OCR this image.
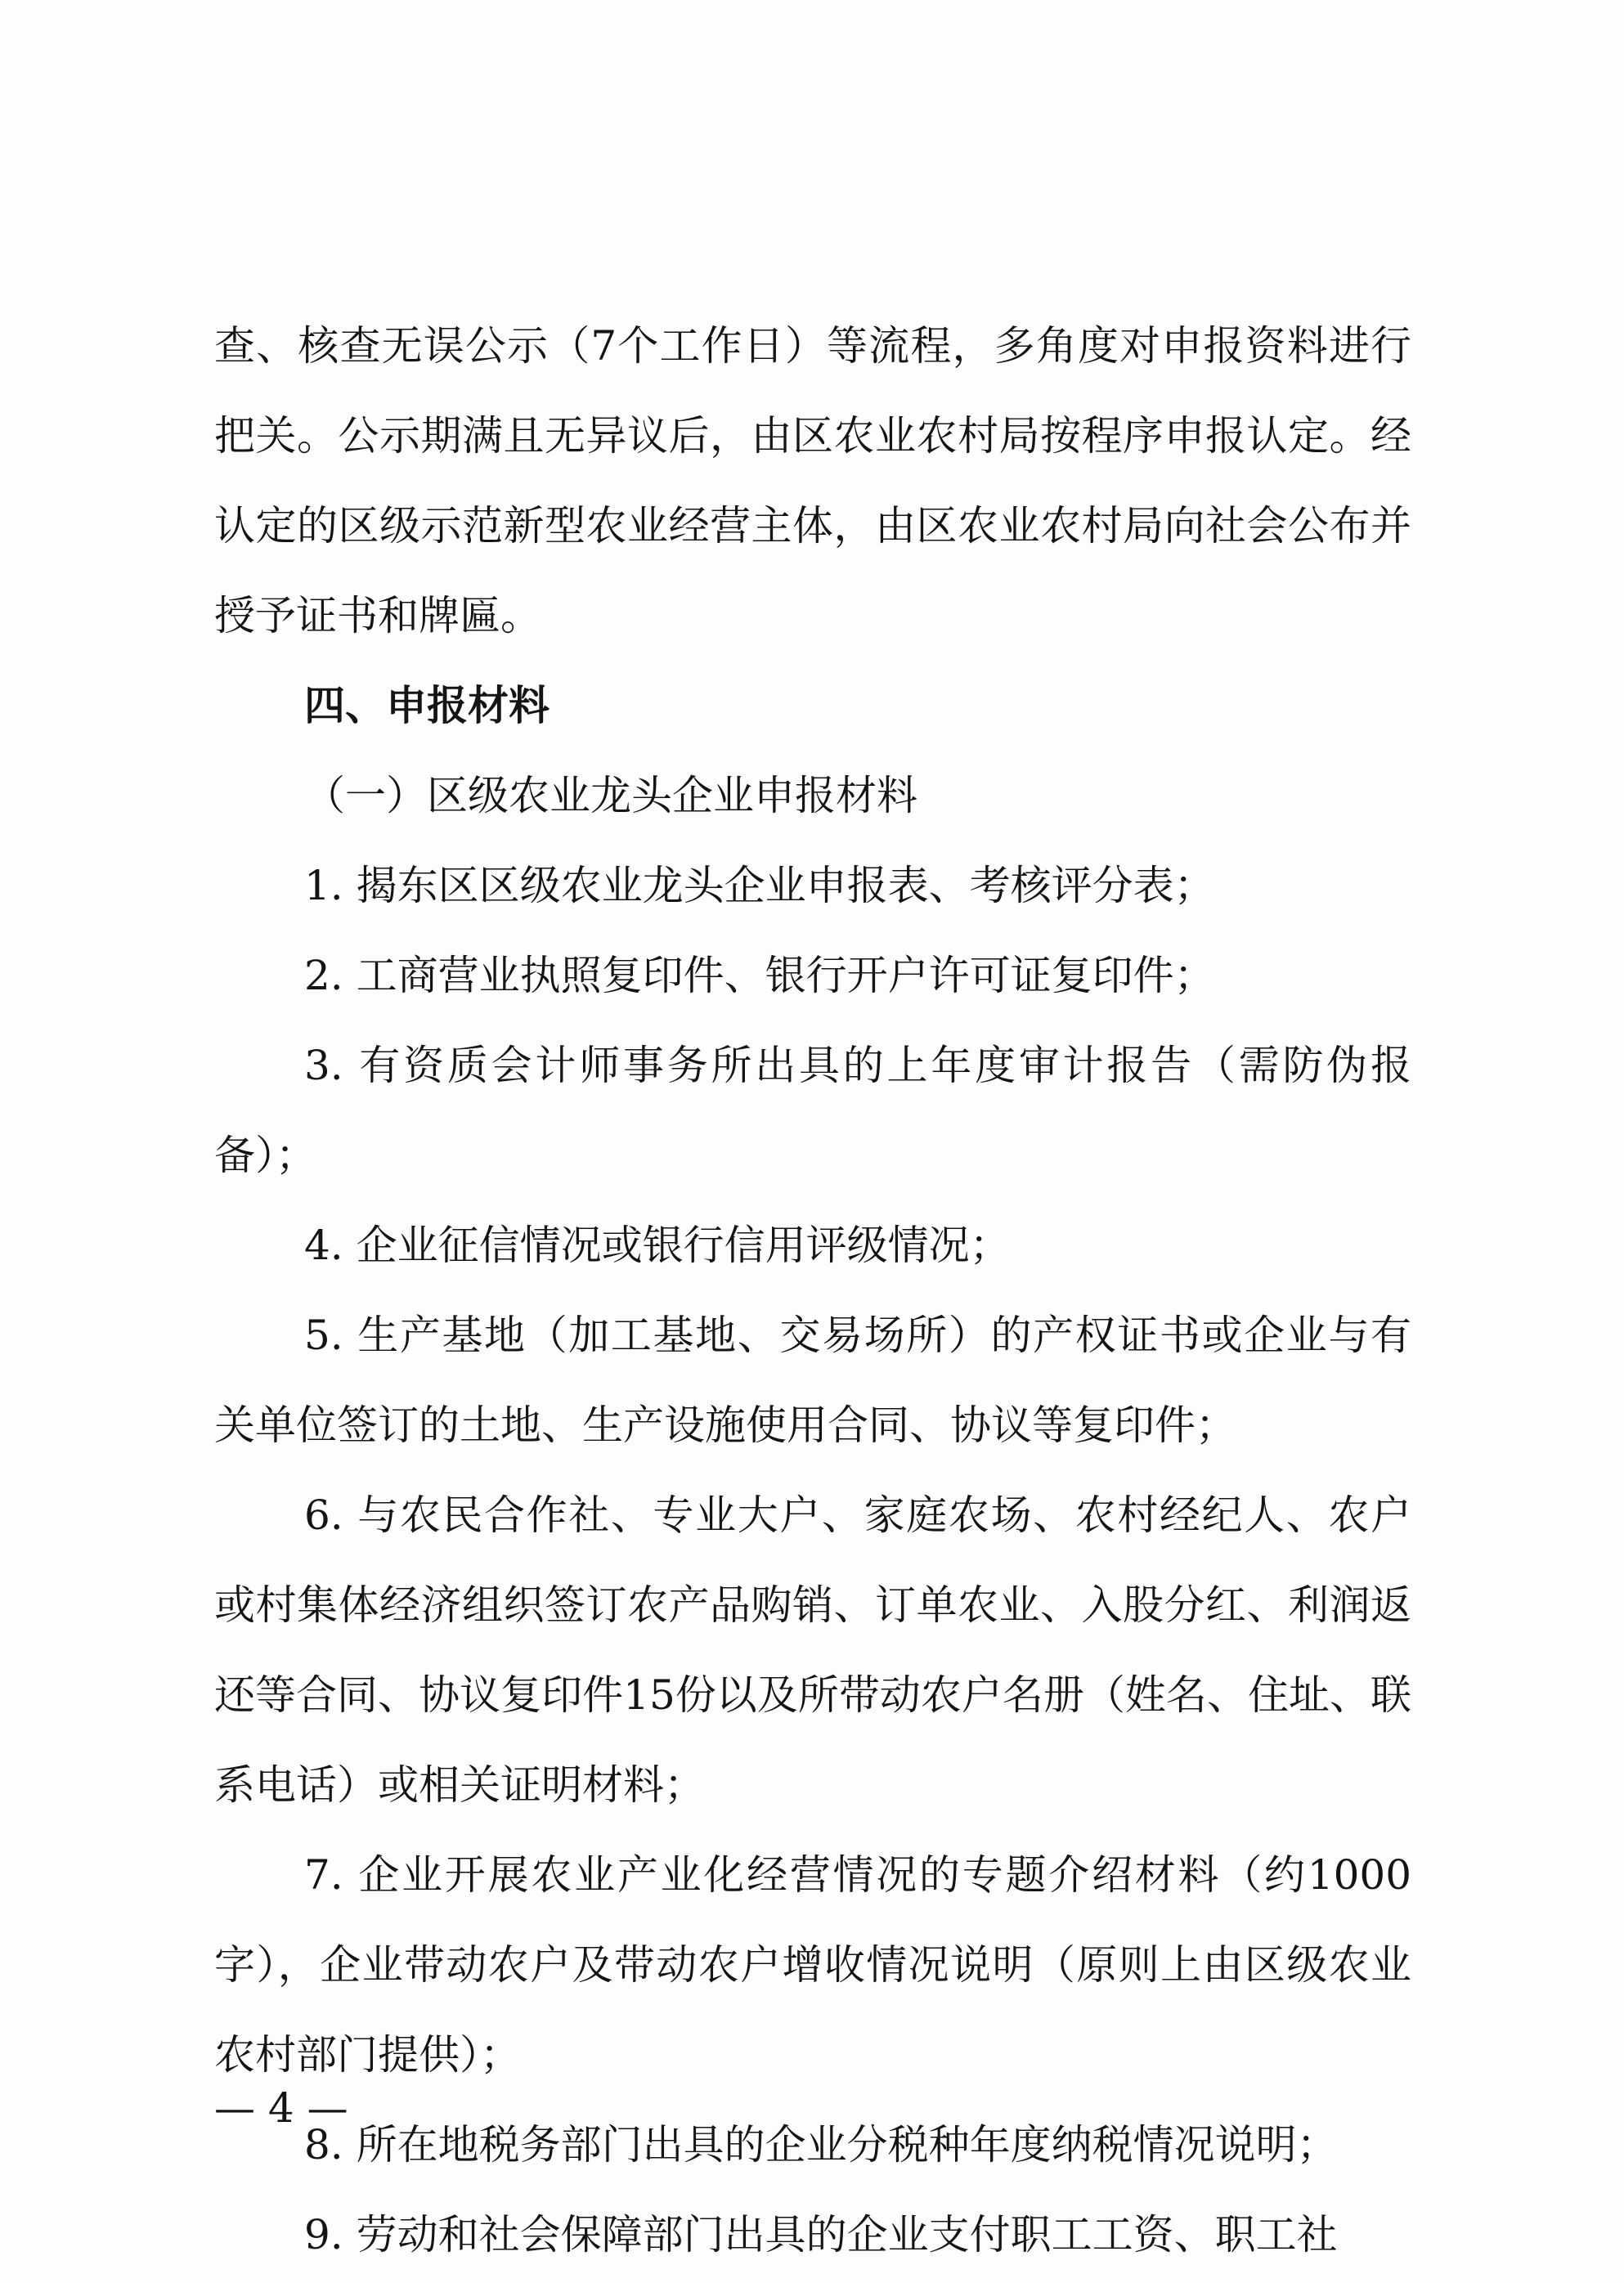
查、核查无误公示（7个工作日）等流程，多角度对申报资料进行把关。公示期满且无异议后，由区农业农村局按程序申报认定。经认定的区级示范新型农业经营主体，由区农业农村局向社会公布并授予证书和牌匾。

四、申报材料

（一）区级农业龙头企业申报材料

1. 揭东区区级农业龙头企业申报表、考核评分表；

2. 工商营业执照复印件、银行开户许可证复印件；

3. 有资质会计师事务所出具的上年度审计报告（需防伪报备）；

4. 企业征信情况或银行信用评级情况；

5. 生产基地（加工基地、交易场所）的产权证书或企业与有关单位签订的土地、生产设施使用合同、协议等复印件；

6. 与农民合作社、专业大户、家庭农场、农村经纪人、农户或村集体经济组织签订农产品购销、订单农业、入股分红、利润返还等合同、协议复印件15份以及所带动农户名册（姓名、住址、联系电话）或相关证明材料；

7. 企业开展农业产业化经营情况的专题介绍材料（约1000字），企业带动农户及带动农户增收情况说明（原则上由区级农业农村部门提供）；

8. 所在地税务部门出具的企业分税种年度纳税情况说明；

9. 劳动和社会保障部门出具的企业支付职工工资、职工社

— 4 —
